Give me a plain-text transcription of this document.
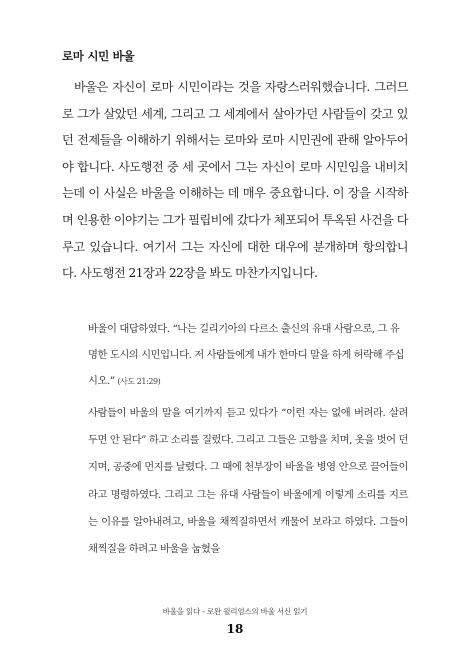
로마 시민 바울

바울은 자신이 로마 시민이라는 것을 자랑스러워했습니다. 그러므로 그가 살았던 세계, 그리고 그 세계에서 살아가던 사람들이 갖고 있던 전제들을 이해하기 위해서는 로마와 로마 시민권에 관해 알아두어야 합니다. 사도행전 중 세 곳에서 그는 자신이 로마 시민임을 내비치는데 이 사실은 바울을 이해하는 데 매우 중요합니다. 이 장을 시작하며 인용한 이야기는 그가 필립비에 갔다가 체포되어 투옥된 사건을 다루고 있습니다. 여기서 그는 자신에 대한 대우에 분개하며 항의합니다. 사도행전 21장과 22장을 봐도 마찬가지입니다.

바울이 대답하였다. “나는 길리기아의 다르소 출신의 유대 사람으로, 그 유명한 도시의 시민입니다. 저 사람들에게 내가 한마디 말을 하게 허락해 주십시오.” (사도 21:29)

사람들이 바울의 말을 여기까지 듣고 있다가 “이런 자는 없애 버려라. 살려 두면 안 된다” 하고 소리를 질렀다. 그리고 그들은 고함을 치며, 옷을 벗어 던지며, 공중에 먼지를 날렸다. 그 때에 천부장이 바울을 병영 안으로 끌어들이라고 명령하였다. 그리고 그는 유대 사람들이 바울에게 이렇게 소리를 지르는 이유를 알아내려고, 바울을 채찍질하면서 캐물어 보라고 하였다. 그들이 채찍질을 하려고 바울을 눕혔을

바울을 읽다 - 로완 윌리엄스의 바울 서신 읽기
18
